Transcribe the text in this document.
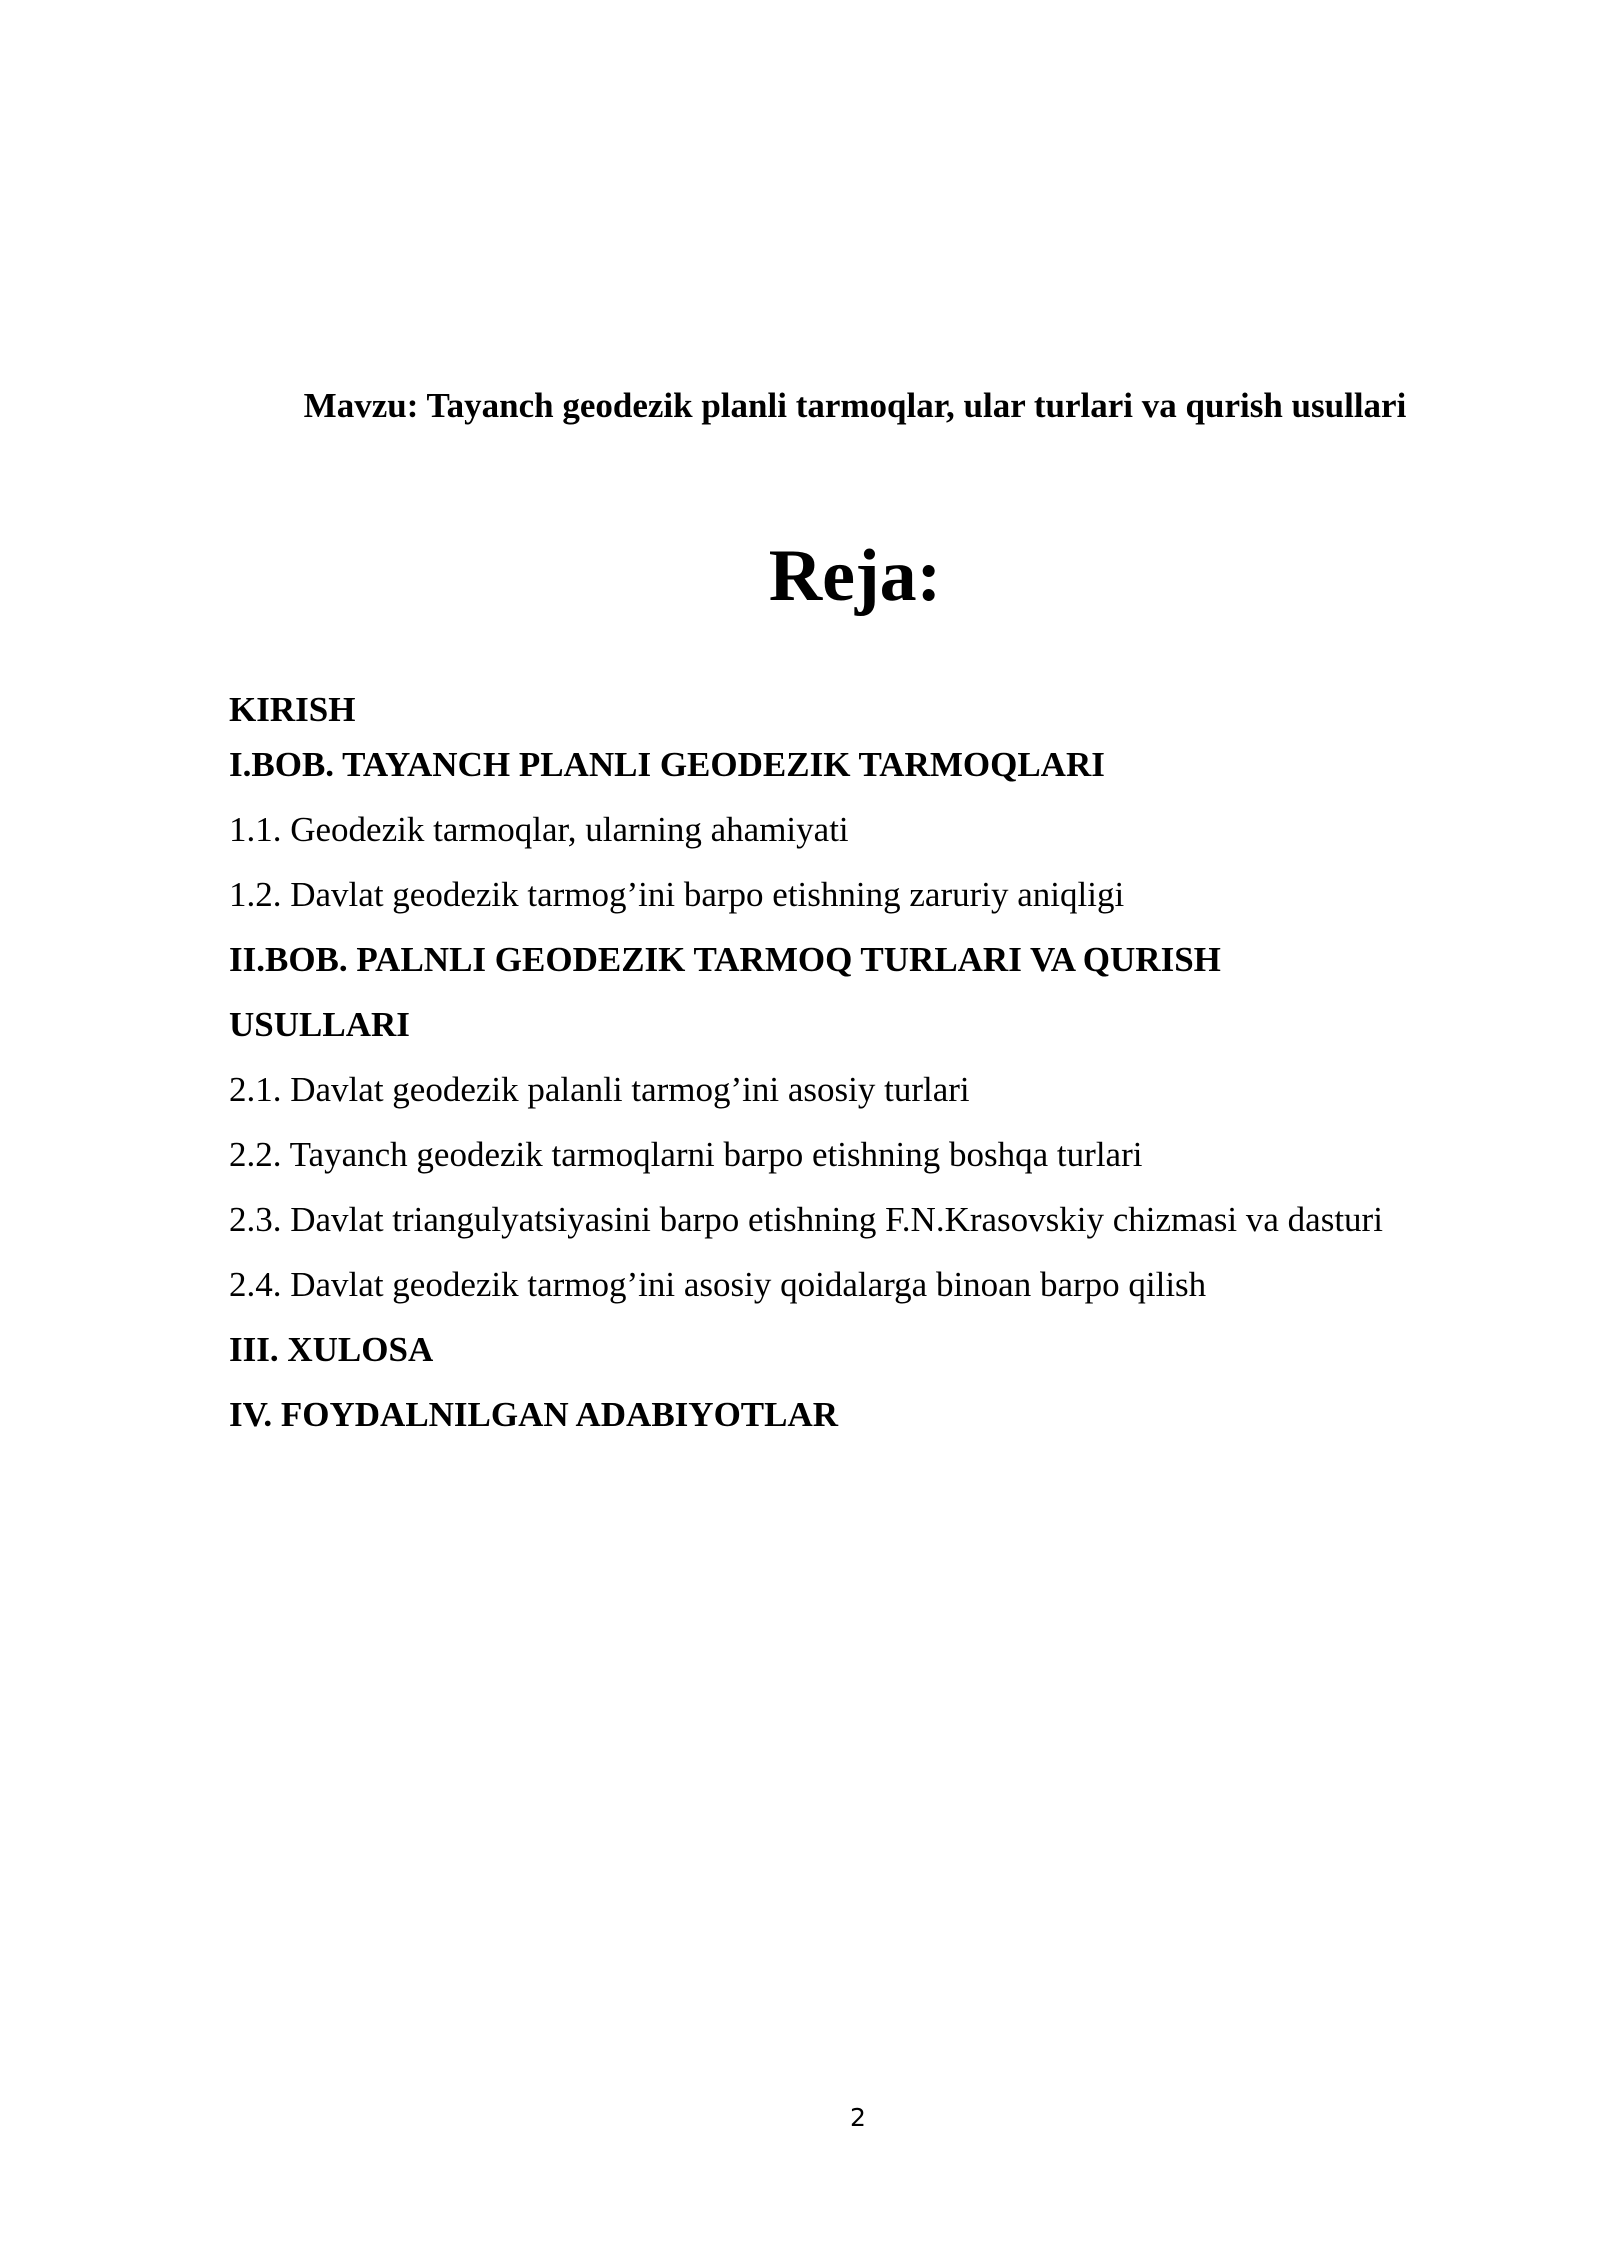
Mavzu: Tayanch geodezik planli tarmoqlar, ular turlari va qurish usullari
Reja:
KIRISH
I.BOB. TAYANCH PLANLI GEODEZIK TARMOQLARI
1.1. Geodezik tarmoqlar, ularning ahamiyati
1.2. Davlat geodezik tarmog’ini barpo etishning zaruriy aniqligi
II.BOB. PALNLI GEODEZIK TARMOQ TURLARI VA QURISH
USULLARI
2.1. Davlat geodezik palanli tarmog’ini asosiy turlari
2.2. Tayanch geodezik tarmoqlarni barpo etishning boshqa turlari
2.3. Davlat triangulyatsiyasini barpo etishning F.N.Krasovskiy chizmasi va dasturi
2.4. Davlat geodezik tarmog’ini asosiy qoidalarga binoan barpo qilish
III. XULOSA
IV. FOYDALNILGAN ADABIYOTLAR
2
